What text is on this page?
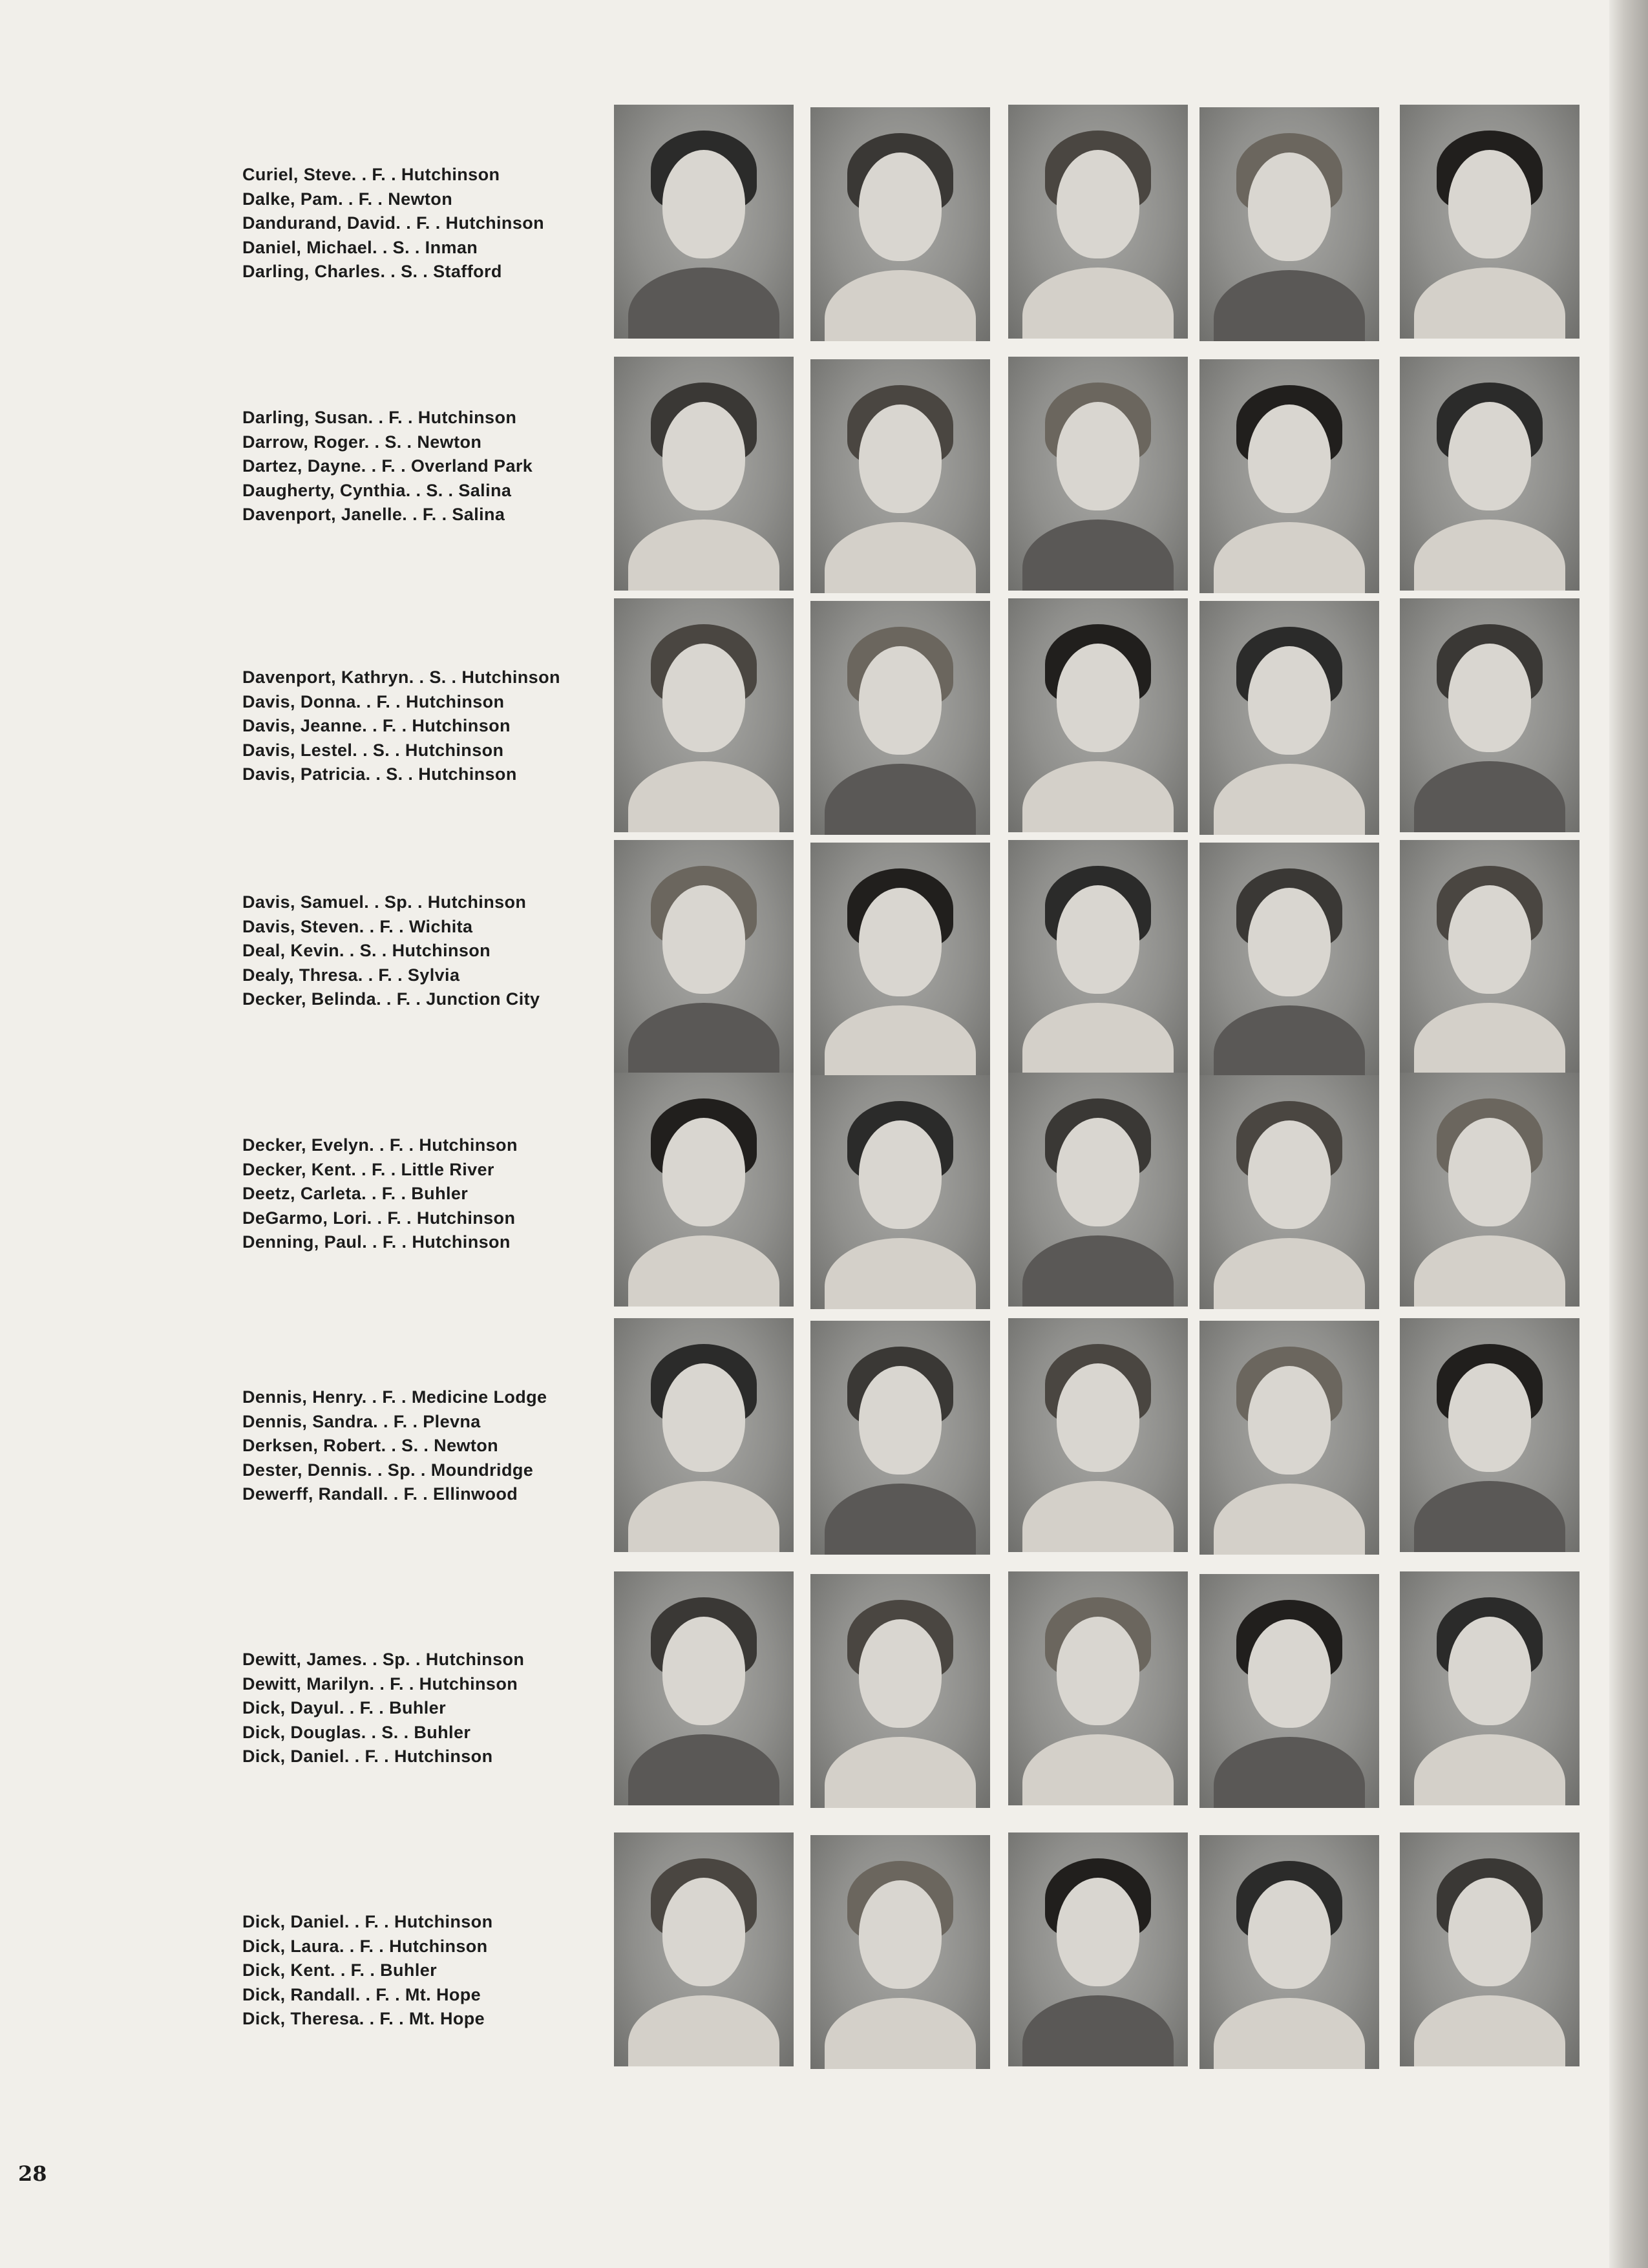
Curiel, Steve. . F. . Hutchinson
Dalke, Pam. . F. . Newton
Dandurand, David. . F. . Hutchinson
Daniel, Michael. . S. . Inman
Darling, Charles. . S. . Stafford
Darling, Susan. . F. . Hutchinson
Darrow, Roger. . S. . Newton
Dartez, Dayne. . F. . Overland Park
Daugherty, Cynthia. . S. . Salina
Davenport, Janelle. . F. . Salina
Davenport, Kathryn. . S. . Hutchinson
Davis, Donna. . F. . Hutchinson
Davis, Jeanne. . F. . Hutchinson
Davis, Lestel. . S. . Hutchinson
Davis, Patricia. . S. . Hutchinson
Davis, Samuel. . Sp. . Hutchinson
Davis, Steven. . F. . Wichita
Deal, Kevin. . S. . Hutchinson
Dealy, Thresa. . F. . Sylvia
Decker, Belinda. . F. . Junction City
Decker, Evelyn. . F. . Hutchinson
Decker, Kent. . F. . Little River
Deetz, Carleta. . F. . Buhler
DeGarmo, Lori. . F. . Hutchinson
Denning, Paul. . F. . Hutchinson
Dennis, Henry. . F. . Medicine Lodge
Dennis, Sandra. . F. . Plevna
Derksen, Robert. . S. . Newton
Dester, Dennis. . Sp. . Moundridge
Dewerff, Randall. . F. . Ellinwood
Dewitt, James. . Sp. . Hutchinson
Dewitt, Marilyn. . F. . Hutchinson
Dick, Dayul. . F. . Buhler
Dick, Douglas. . S. . Buhler
Dick, Daniel. . F. . Hutchinson
Dick, Daniel. . F. . Hutchinson
Dick, Laura. . F. . Hutchinson
Dick, Kent. . F. . Buhler
Dick, Randall. . F. . Mt. Hope
Dick, Theresa. . F. . Mt. Hope
28
